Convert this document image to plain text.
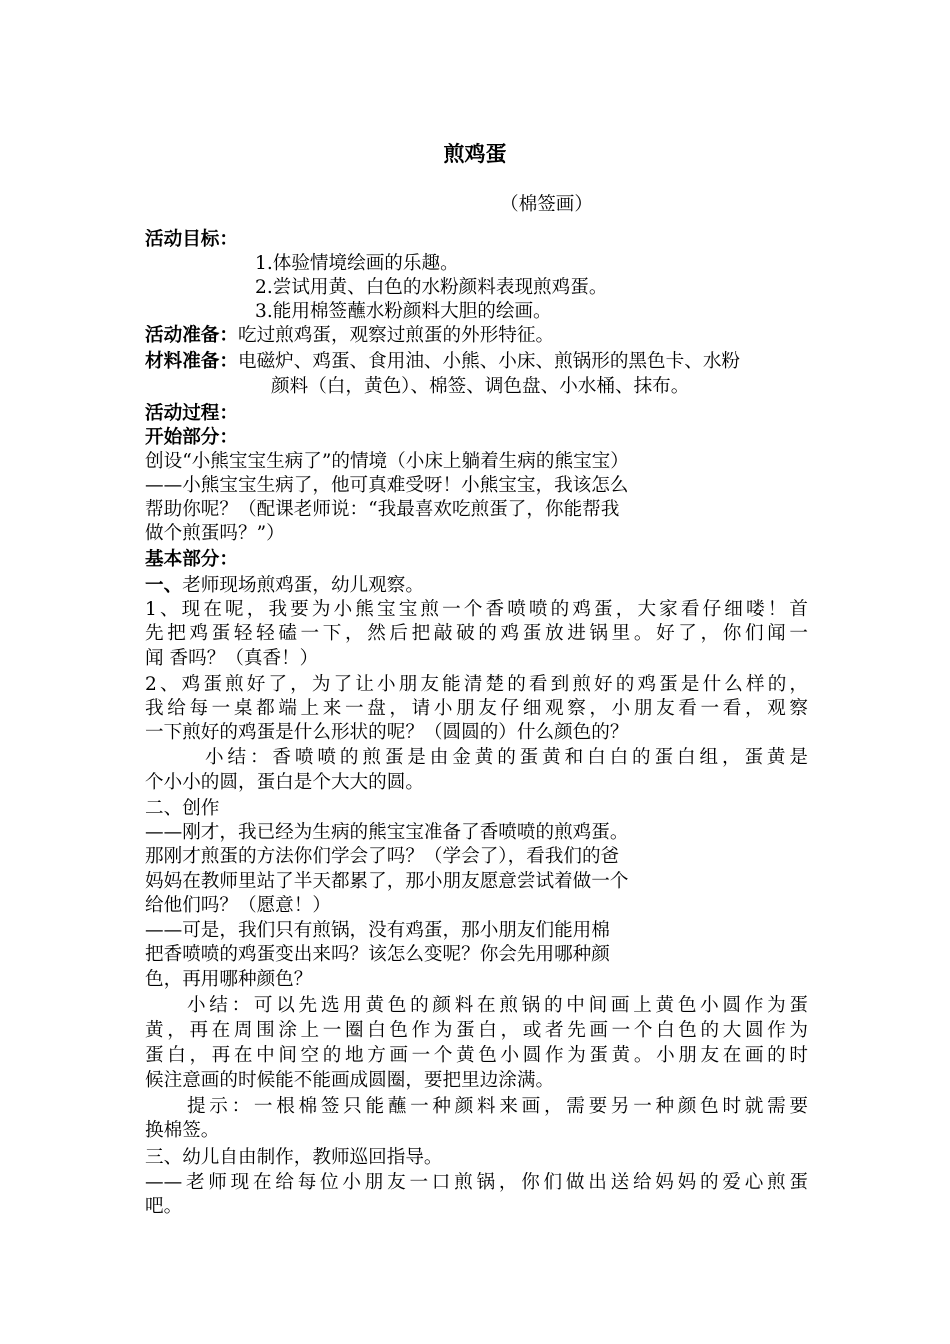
煎鸡蛋
（棉签画）
活动目标：
1.体验情境绘画的乐趣。
2.尝试用黄、白色的水粉颜料表现煎鸡蛋。
3.能用棉签蘸水粉颜料大胆的绘画。
活动准备：吃过煎鸡蛋，观察过煎蛋的外形特征。
材料准备：电磁炉、鸡蛋、食用油、小熊、小床、煎锅形的黑色卡、水粉
颜料（白，黄色）、棉签、调色盘、小水桶、抹布。
活动过程：
开始部分：
创设“小熊宝宝生病了”的情境（小床上躺着生病的熊宝宝）
——小熊宝宝生病了，他可真难受呀！小熊宝宝，我该怎么
帮助你呢？（配课老师说：“我最喜欢吃煎蛋了，你能帮我
做个煎蛋吗？”）
基本部分：
一、老师现场煎鸡蛋，幼儿观察。
1、现在呢，我要为小熊宝宝煎一个香喷喷的鸡蛋，大家看仔细喽！首
先把鸡蛋轻轻磕一下，然后把敲破的鸡蛋放进锅里。好了，你们闻一
闻 香吗？（真香！）
2、鸡蛋煎好了，为了让小朋友能清楚的看到煎好的鸡蛋是什么样的，
我给每一桌都端上来一盘，请小朋友仔细观察，小朋友看一看，观察
一下煎好的鸡蛋是什么形状的呢？（圆圆的）什么颜色的？
小结：香喷喷的煎蛋是由金黄的蛋黄和白白的蛋白组，蛋黄是
个小小的圆，蛋白是个大大的圆。
二、创作
——刚才，我已经为生病的熊宝宝准备了香喷喷的煎鸡蛋。
那刚才煎蛋的方法你们学会了吗？（学会了），看我们的爸
妈妈在教师里站了半天都累了，那小朋友愿意尝试着做一个
给他们吗？（愿意！）
——可是，我们只有煎锅，没有鸡蛋，那小朋友们能用棉
把香喷喷的鸡蛋变出来吗？该怎么变呢？你会先用哪种颜
色，再用哪种颜色？
小结：可以先选用黄色的颜料在煎锅的中间画上黄色小圆作为蛋
黄，再在周围涂上一圈白色作为蛋白，或者先画一个白色的大圆作为
蛋白，再在中间空的地方画一个黄色小圆作为蛋黄。小朋友在画的时
候注意画的时候能不能画成圆圈，要把里边涂满。
提示：一根棉签只能蘸一种颜料来画，需要另一种颜色时就需要
换棉签。
三、幼儿自由制作，教师巡回指导。
——老师现在给每位小朋友一口煎锅，你们做出送给妈妈的爱心煎蛋
吧。
